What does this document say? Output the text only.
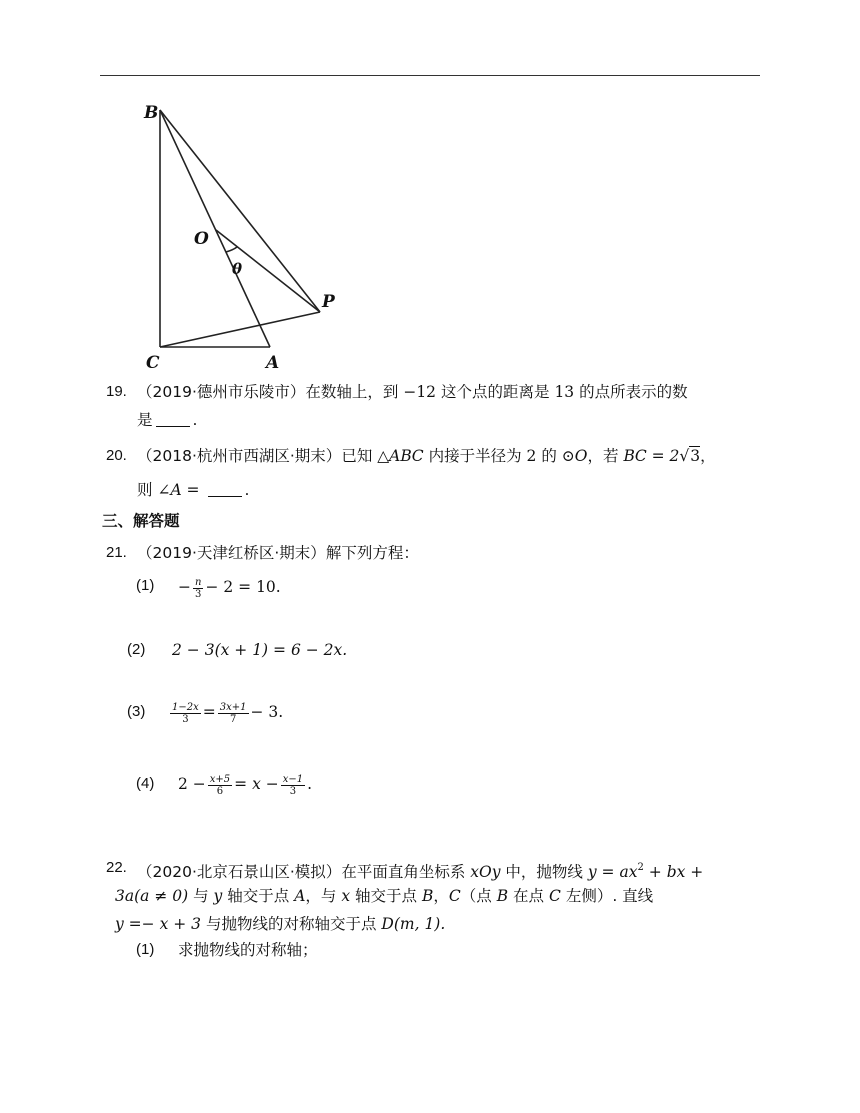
B
O
θ
P
C	A
19. （2019·德州市乐陵市）在数轴上，到 −12 这个点的距离是 13 的点所表示的数
是	.
20. （2018·杭州市西湖区·期末）已知 △𝐴𝐵𝐶 内接于半径为 2 的 ⊙𝑂，若 𝐵𝐶 = 2√3，
则 ∠𝐴 =	.
三、解答题
21. （2019·天津红桥区·期末）解下列方程：
$(1) - \frac{\text{𝑛}}{3} - 2 = 10$.
(2) 2 − 3(𝑥 + 1) = 6 − 2𝑥.
$(3) \frac{\text{1−2𝑥}}{3} = \frac{\text{3𝑥+1}}{7} - 3$.
(4) $2 - \frac{\text{𝑥+5}}{6}$ = 𝑥 − $\frac{\text{𝑥−1}}{3}$ .
22. （2020·北京石景山区·模拟）在平面直角坐标系 𝑥𝑂𝑦 中，抛物线 𝑦 = 𝑎𝑥$^2$ + 𝑏𝑥 +
3𝑎(𝑎 ≠ 0) 与 𝑦 轴交于点 𝐴，与 𝑥 轴交于点 𝐵，𝐶（点 𝐵 在点 𝐶 左侧）. 直线
𝑦 =− 𝑥 + 3 与抛物线的对称轴交于点 𝐷(𝑚, 1).
(1) 求抛物线的对称轴；
